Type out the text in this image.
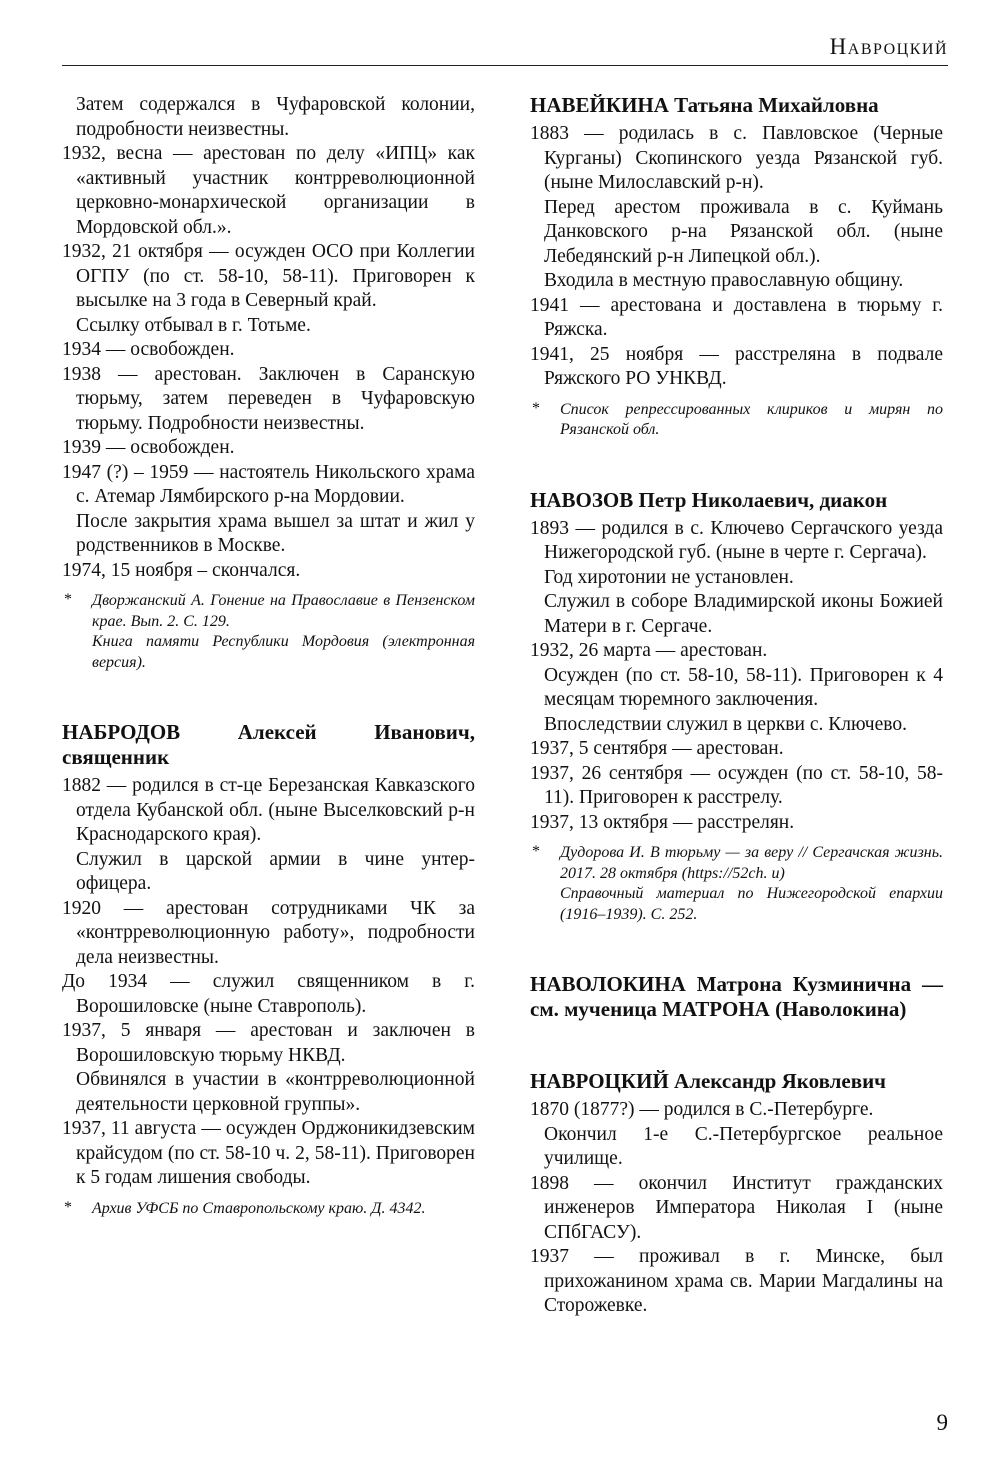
Навроцкий
Затем содержался в Чуфаровской колонии, подробности неизвестны.
1932, весна — арестован по делу «ИПЦ» как «активный участник контрреволюционной церковно-монархической организации в Мордовской обл.».
1932, 21 октября — осужден ОСО при Коллегии ОГПУ (по ст. 58-10, 58-11). Приговорен к высылке на 3 года в Северный край.
Ссылку отбывал в г. Тотьме.
1934 — освобожден.
1938 — арестован. Заключен в Саранскую тюрьму, затем переведен в Чуфаровскую тюрьму. Подробности неизвестны.
1939 — освобожден.
1947 (?) – 1959 — настоятель Никольского храма с. Атемар Лямбирского р-на Мордовии.
После закрытия храма вышел за штат и жил у родственников в Москве.
1974, 15 ноября – скончался.
* Дворжанский А. Гонение на Православие в Пензенском крае. Вып. 2. С. 129.
Книга памяти Республики Мордовия (электронная версия).
НАБРОДОВ Алексей Иванович, священник
1882 — родился в ст-це Березанская Кавказского отдела Кубанской обл. (ныне Выселковский р-н Краснодарского края).
Служил в царской армии в чине унтер-офицера.
1920 — арестован сотрудниками ЧК за «контрреволюционную работу», подробности дела неизвестны.
До 1934 — служил священником в г. Ворошиловске (ныне Ставрополь).
1937, 5 января — арестован и заключен в Ворошиловскую тюрьму НКВД.
Обвинялся в участии в «контрреволюционной деятельности церковной группы».
1937, 11 августа — осужден Орджоникидзевским крайсудом (по ст. 58-10 ч. 2, 58-11). Приговорен к 5 годам лишения свободы.
* Архив УФСБ по Ставропольскому краю. Д. 4342.
НАВЕЙКИНА Татьяна Михайловна
1883 — родилась в с. Павловское (Черные Курганы) Скопинского уезда Рязанской губ. (ныне Милославский р-н).
Перед арестом проживала в с. Куймань Данковского р-на Рязанской обл. (ныне Лебедянский р-н Липецкой обл.).
Входила в местную православную общину.
1941 — арестована и доставлена в тюрьму г. Ряжска.
1941, 25 ноября — расстреляна в подвале Ряжского РО УНКВД.
* Список репрессированных клириков и мирян по Рязанской обл.
НАВОЗОВ Петр Николаевич, диакон
1893 — родился в с. Ключево Сергачского уезда Нижегородской губ. (ныне в черте г. Сергача).
Год хиротонии не установлен.
Служил в соборе Владимирской иконы Божией Матери в г. Сергаче.
1932, 26 марта — арестован.
Осужден (по ст. 58-10, 58-11). Приговорен к 4 месяцам тюремного заключения.
Впоследствии служил в церкви с. Ключево.
1937, 5 сентября — арестован.
1937, 26 сентября — осужден (по ст. 58-10, 58-11). Приговорен к расстрелу.
1937, 13 октября — расстрелян.
* Дудорова И. В тюрьму — за веру // Сергачская жизнь. 2017. 28 октября (https://52ch. u)
Справочный материал по Нижегородской епархии (1916–1939). С. 252.
НАВОЛОКИНА Матрона Кузминична — см. мученица МАТРОНА (Наволокина)
НАВРОЦКИЙ Александр Яковлевич
1870 (1877?) — родился в С.-Петербурге.
Окончил 1-е С.-Петербургское реальное училище.
1898 — окончил Институт гражданских инженеров Императора Николая I (ныне СПбГАСУ).
1937 — проживал в г. Минске, был прихожанином храма св. Марии Магдалины на Сторожевке.
9
